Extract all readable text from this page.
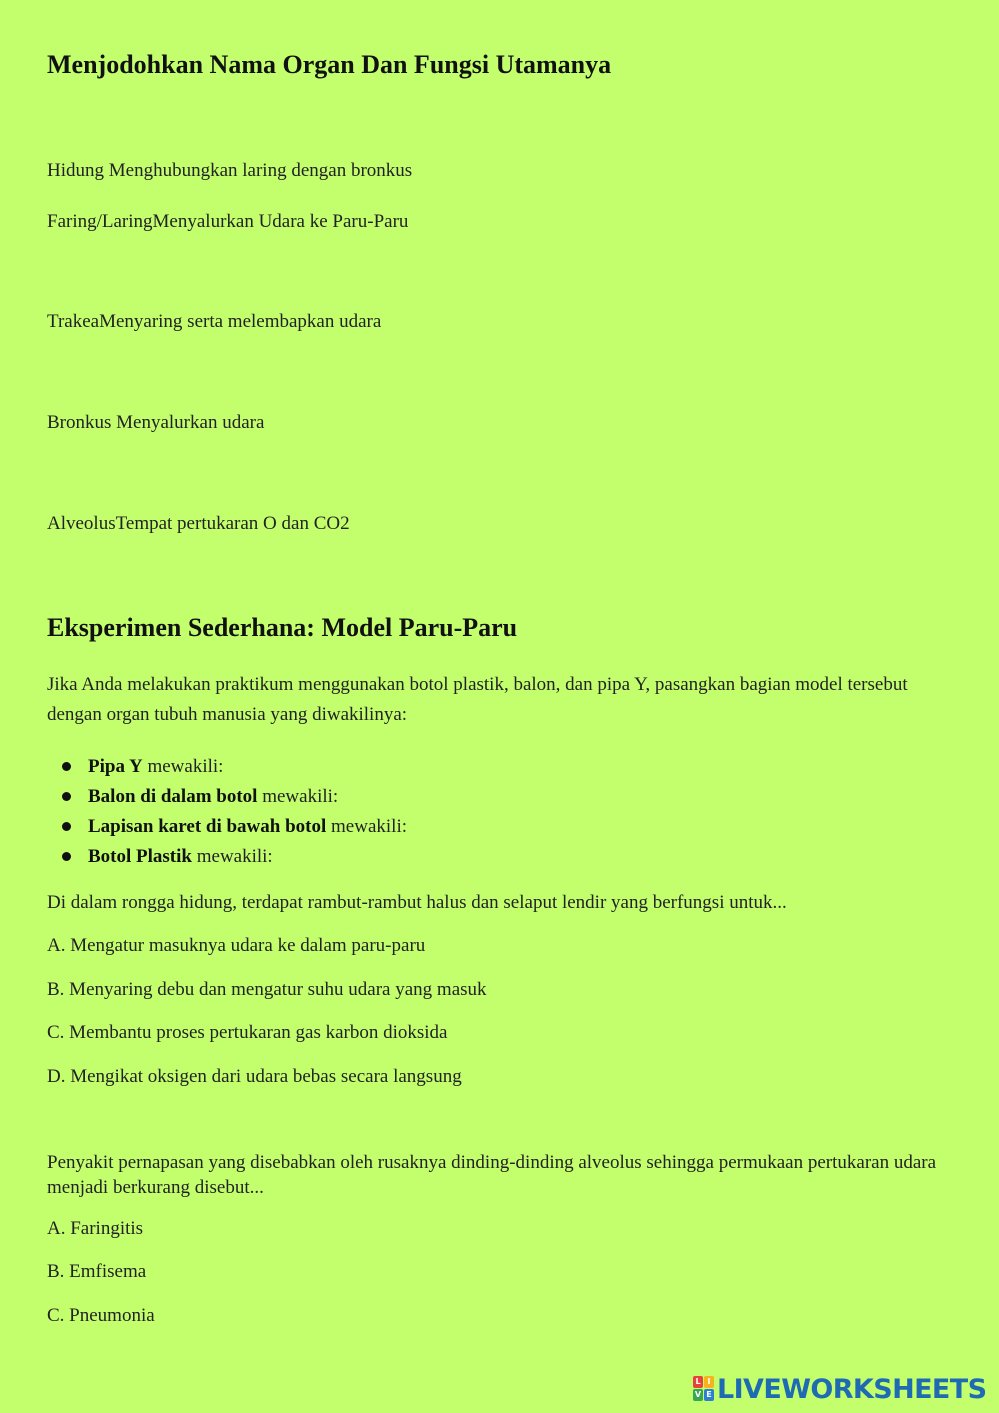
Menjodohkan Nama Organ Dan Fungsi Utamanya
Hidung Menghubungkan laring dengan bronkus
Faring/LaringMenyalurkan Udara ke Paru-Paru
TrakeaMenyaring serta melembapkan udara
Bronkus Menyalurkan udara
AlveolusTempat pertukaran O dan CO2
Eksperimen Sederhana: Model Paru-Paru
Jika Anda melakukan praktikum menggunakan botol plastik, balon, dan pipa Y, pasangkan bagian model tersebut dengan organ tubuh manusia yang diwakilinya:
Pipa Y mewakili:
Balon di dalam botol mewakili:
Lapisan karet di bawah botol mewakili:
Botol Plastik mewakili:
Di dalam rongga hidung, terdapat rambut-rambut halus dan selaput lendir yang berfungsi untuk...
A. Mengatur masuknya udara ke dalam paru-paru
B. Menyaring debu dan mengatur suhu udara yang masuk
C. Membantu proses pertukaran gas karbon dioksida
D. Mengikat oksigen dari udara bebas secara langsung
Penyakit pernapasan yang disebabkan oleh rusaknya dinding-dinding alveolus sehingga permukaan pertukaran udara menjadi berkurang disebut...
A. Faringitis
B. Emfisema
C. Pneumonia
L I
V E LIVEWORKSHEETS
